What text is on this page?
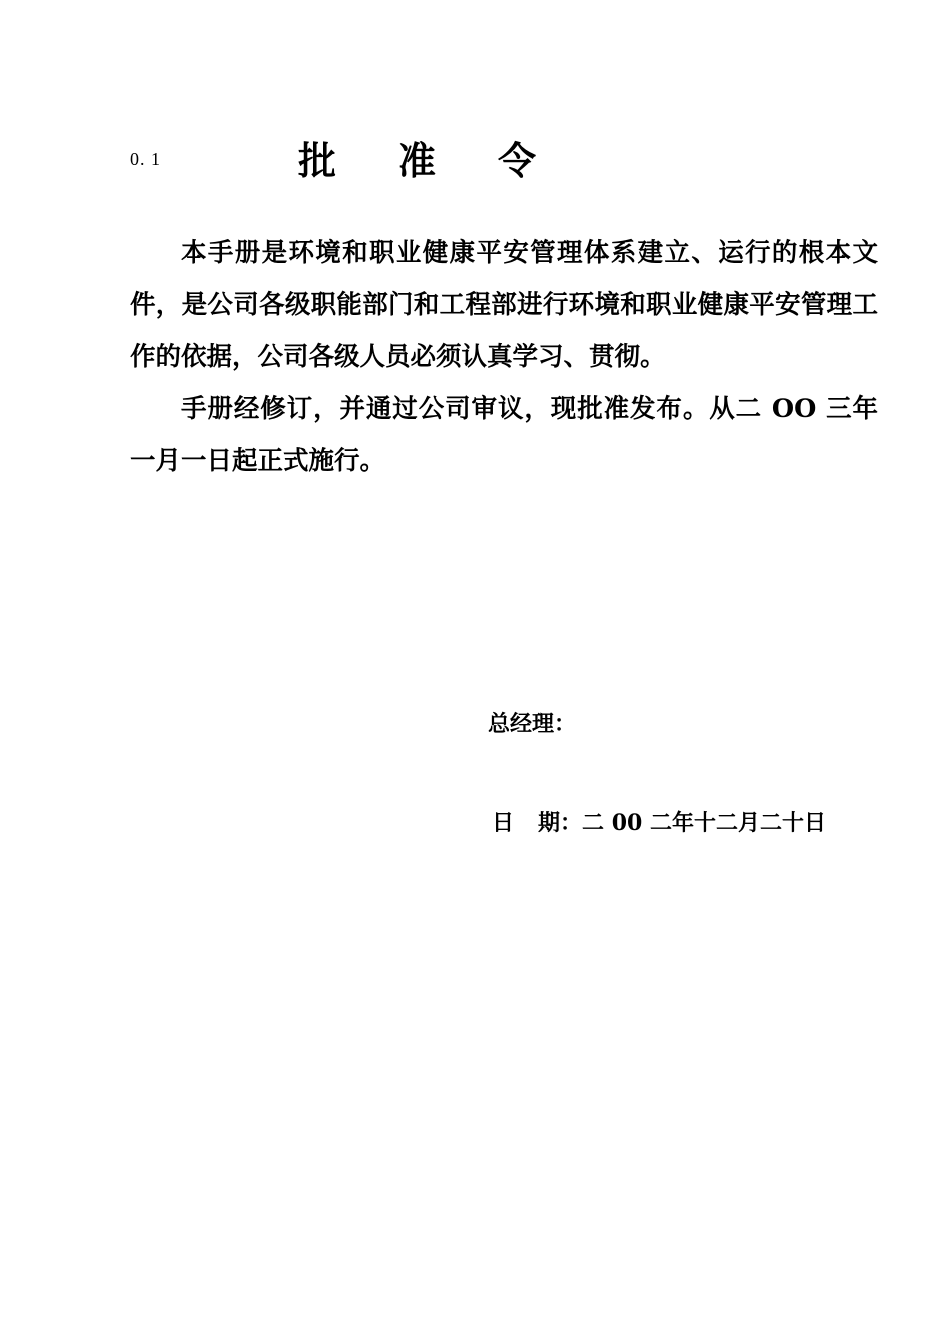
0. 1	批 准 令

本手册是环境和职业健康平安管理体系建立、运行的根本文件，是公司各级职能部门和工程部进行环境和职业健康平安管理工作的依据，公司各级人员必须认真学习、贯彻。

手册经修订，并通过公司审议，现批准发布。从二 OO 三年一月一日起正式施行。

总经理：
日 期：二 00 二年十二月二十日
